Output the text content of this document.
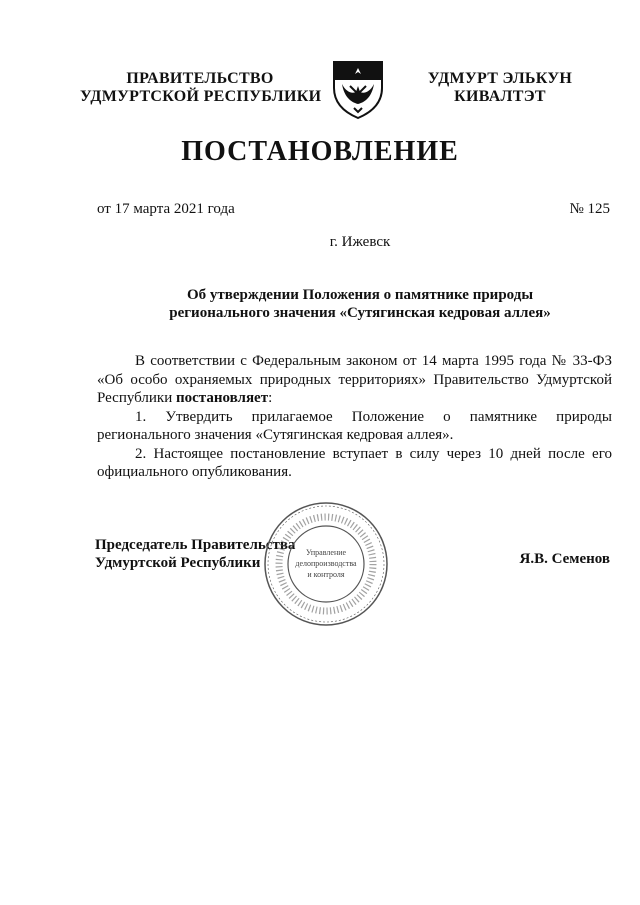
ПРАВИТЕЛЬСТВО
УДМУРТСКОЙ РЕСПУБЛИКИ
УДМУРТ ЭЛЬКУН
КИВАЛТЭТ
ПОСТАНОВЛЕНИЕ
от 17 марта 2021 года	№ 125
г. Ижевск
Об утверждении Положения о памятнике природы
регионального значения «Сутягинская кедровая аллея»
В соответствии с Федеральным законом от 14 марта 1995 года № 33-ФЗ «Об особо охраняемых природных территориях» Правительство Удмуртской Республики постановляет:
1. Утвердить прилагаемое Положение о памятнике природы регионального значения «Сутягинская кедровая аллея».
2. Настоящее постановление вступает в силу через 10 дней после его официального опубликования.
Председатель Правительства
Удмуртской Республики
Управление
делопроизводства
и контроля
Я.В. Семенов
